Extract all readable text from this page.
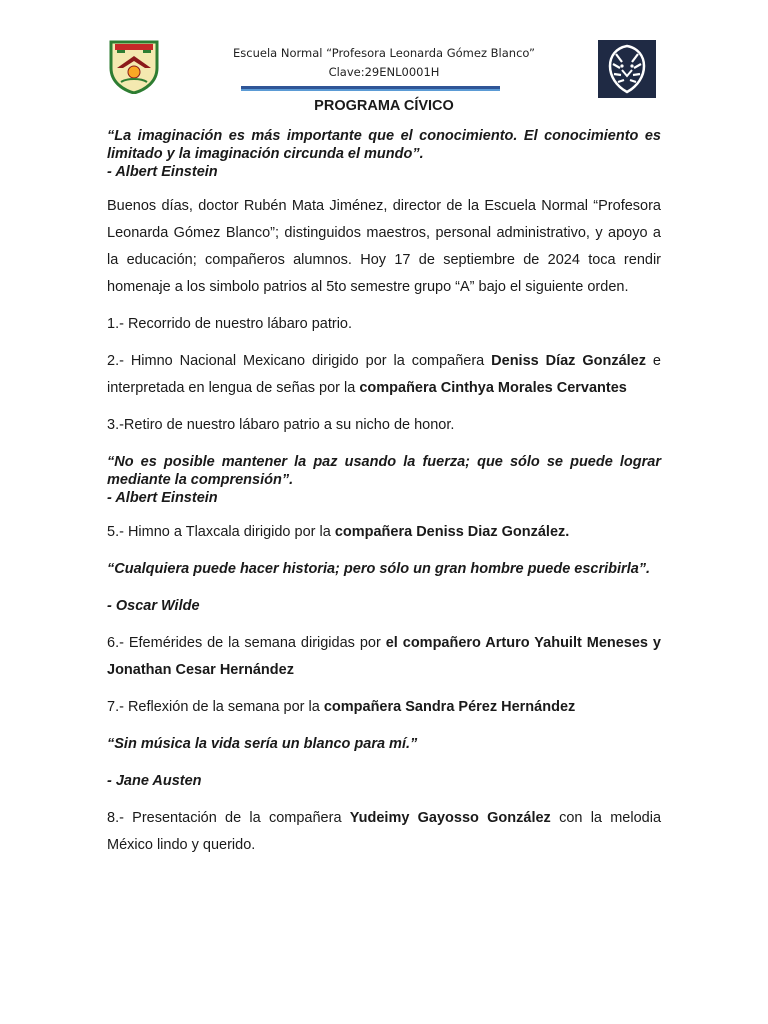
Escuela Normal “Profesora Leonarda Gómez Blanco”
Clave:29ENL0001H
PROGRAMA CÍVICO

“La imaginación es más importante que el conocimiento. El conocimiento es limitado y la imaginación circunda el mundo”.
- Albert Einstein

Buenos días, doctor Rubén Mata Jiménez, director de la Escuela Normal “Profesora Leonarda Gómez Blanco”; distinguidos maestros, personal administrativo, y apoyo a la educación; compañeros alumnos. Hoy 17 de septiembre de 2024 toca rendir homenaje a los simbolo patrios al 5to semestre grupo “A” bajo el siguiente orden.

1.- Recorrido de nuestro lábaro patrio.

2.- Himno Nacional Mexicano dirigido por la compañera Deniss Díaz González e interpretada en lengua de señas por la compañera Cinthya Morales Cervantes

3.-Retiro de nuestro lábaro patrio a su nicho de honor.

“No es posible mantener la paz usando la fuerza; que sólo se puede lograr mediante la comprensión”.
- Albert Einstein

5.- Himno a Tlaxcala dirigido por la compañera Deniss Diaz González.

“Cualquiera puede hacer historia; pero sólo un gran hombre puede escribirla”.

- Oscar Wilde

6.- Efemérides de la semana dirigidas por el compañero Arturo Yahuilt Meneses y Jonathan Cesar Hernández

7.- Reflexión de la semana por la compañera Sandra Pérez Hernández

“Sin música la vida sería un blanco para mí.”

- Jane Austen

8.- Presentación de la compañera Yudeimy Gayosso González con la melodia México lindo y querido.
